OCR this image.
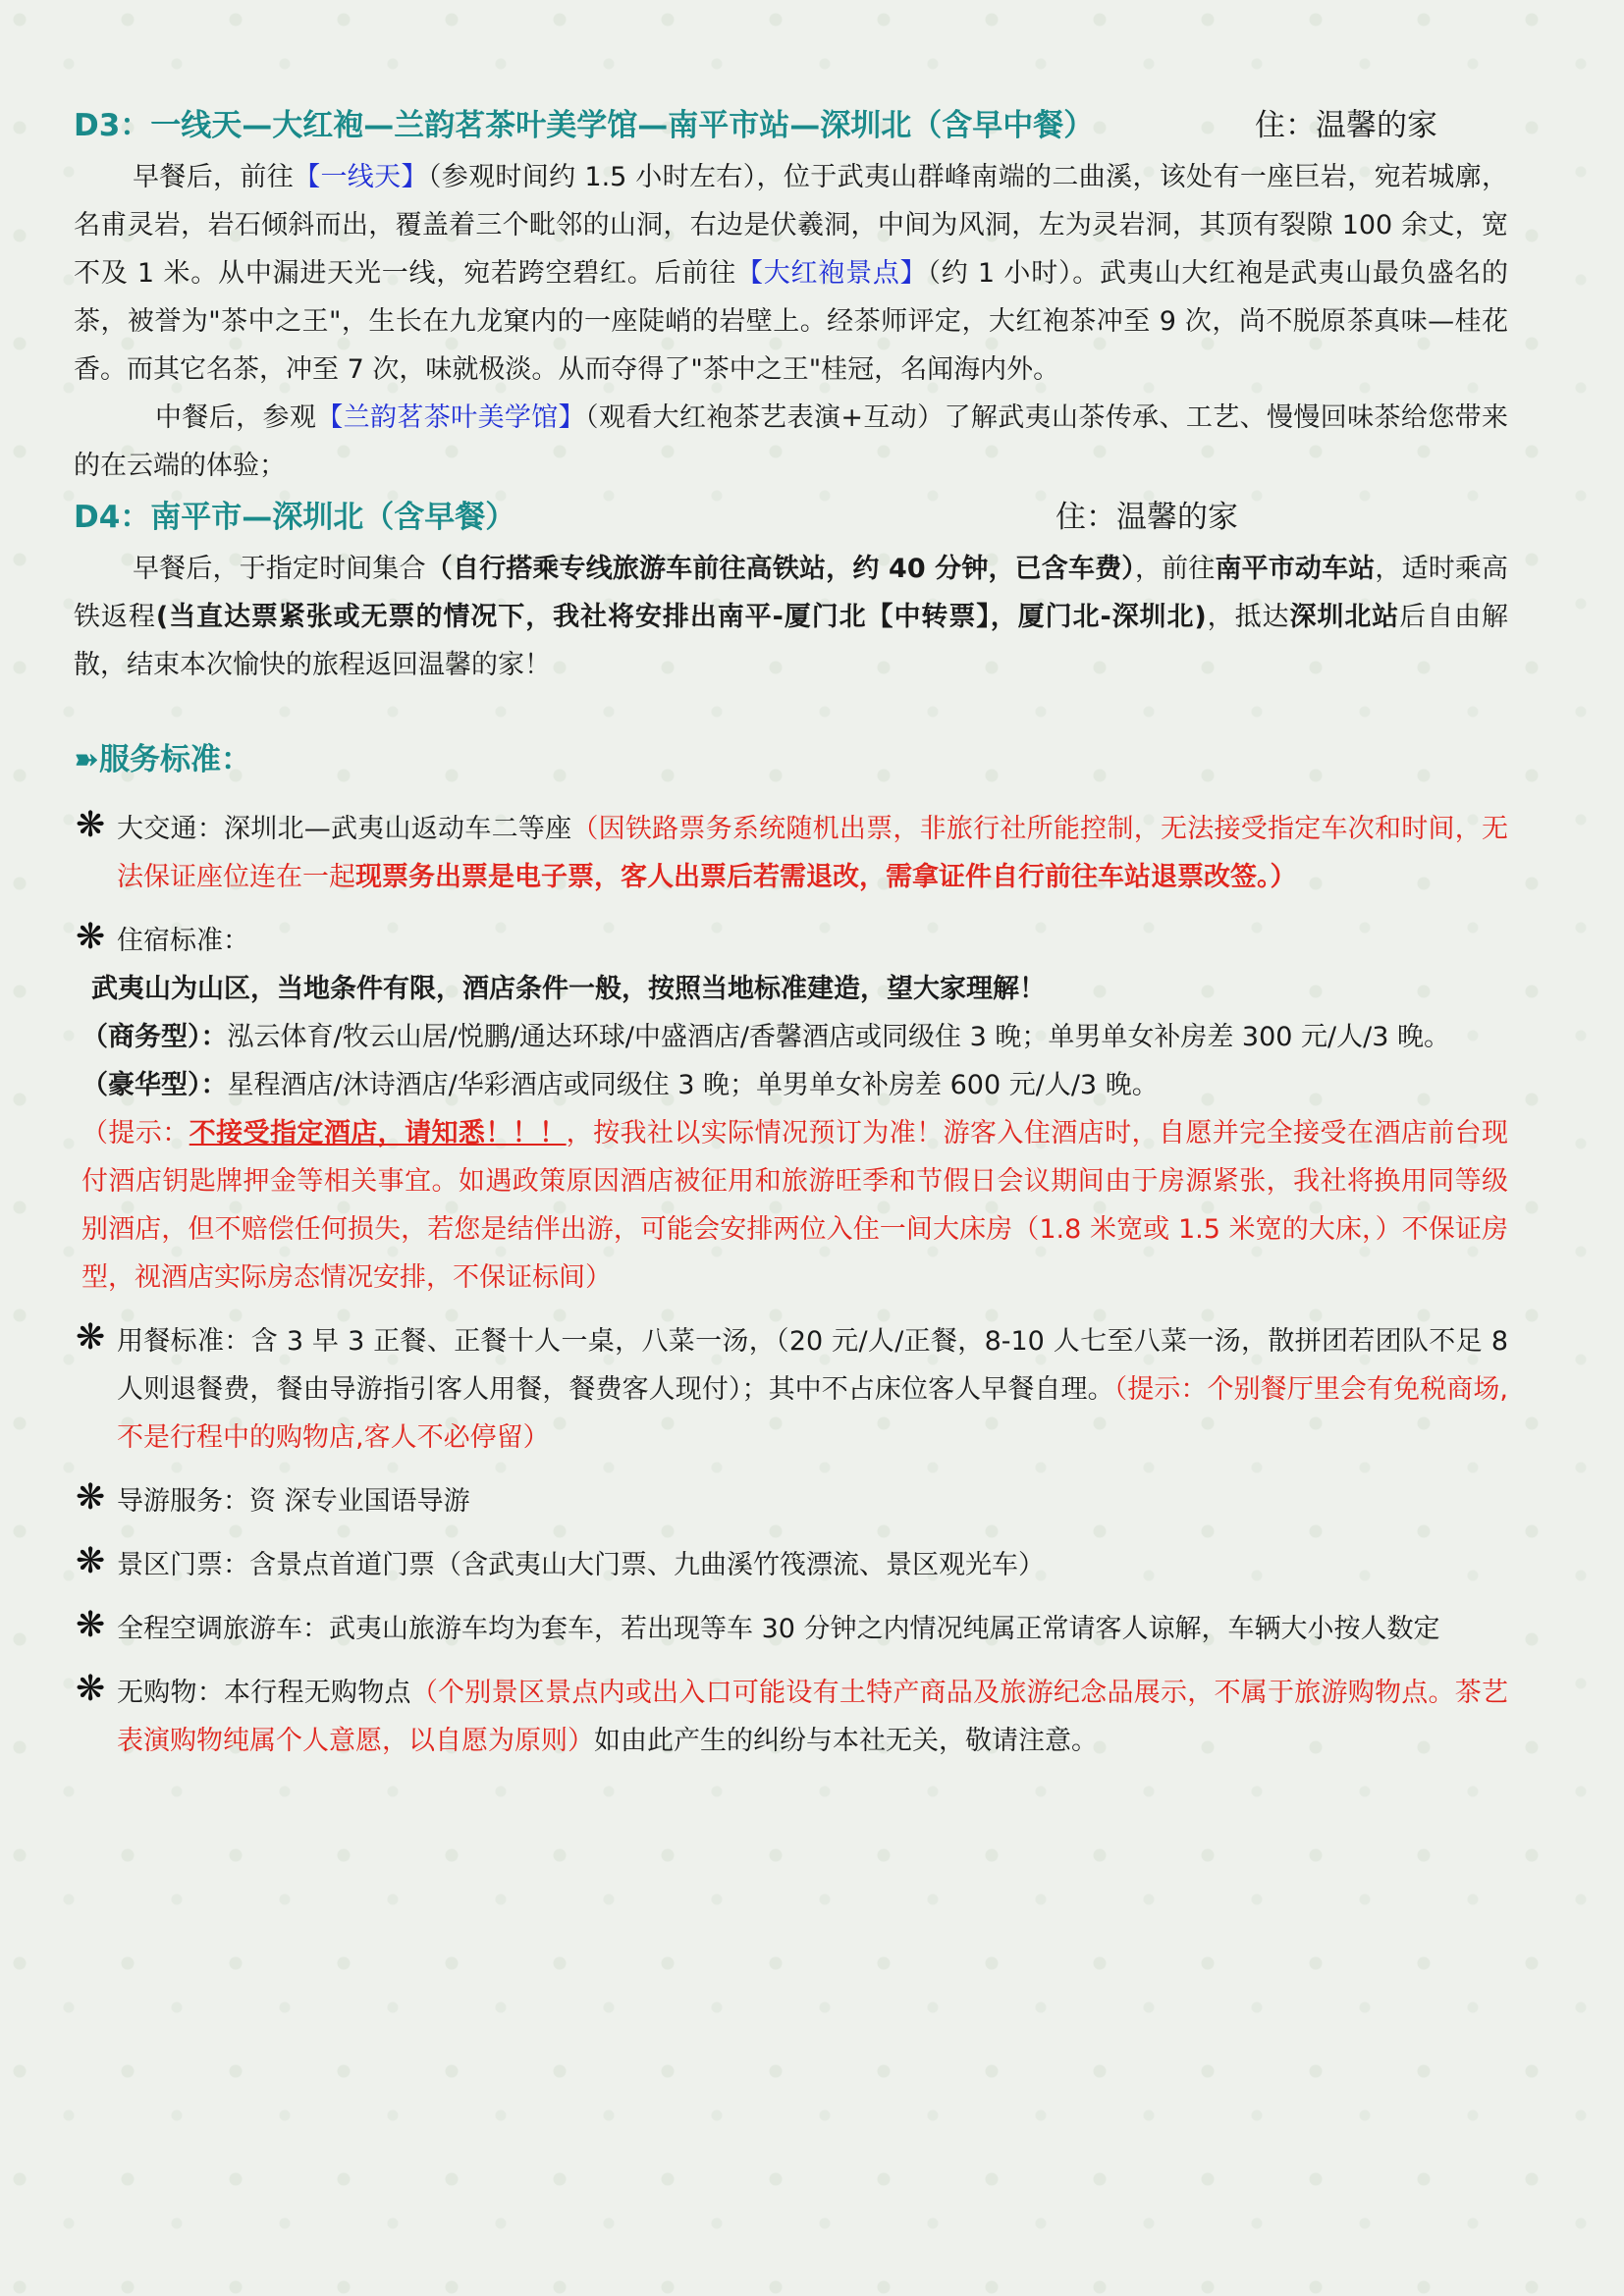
D3：一线天—大红袍—兰韵茗茶叶美学馆—南平市站—深圳北（含早中餐）	住：温馨的家

早餐后，前往【一线天】（参观时间约 1.5 小时左右），位于武夷山群峰南端的二曲溪，该处有一座巨岩，宛若城廓，名甫灵岩，岩石倾斜而出，覆盖着三个毗邻的山洞，右边是伏羲洞，中间为风洞，左为灵岩洞，其顶有裂隙 100 余丈，宽不及 1 米。从中漏进天光一线，宛若跨空碧红。后前往【大红袍景点】（约 1 小时）。武夷山大红袍是武夷山最负盛名的茶，被誉为"茶中之王"，生长在九龙窠内的一座陡峭的岩壁上。经茶师评定，大红袍茶冲至 9 次，尚不脱原茶真味—桂花香。而其它名茶，冲至 7 次，味就极淡。从而夺得了"茶中之王"桂冠，名闻海内外。

中餐后，参观【兰韵茗茶叶美学馆】（观看大红袍茶艺表演+互动）了解武夷山茶传承、工艺、慢慢回味茶给您带来的在云端的体验；

D4：南平市—深圳北（含早餐）	住：温馨的家

早餐后，于指定时间集合（自行搭乘专线旅游车前往高铁站，约 40 分钟，已含车费），前往南平市动车站，适时乘高铁返程(当直达票紧张或无票的情况下，我社将安排出南平-厦门北【中转票】，厦门北-深圳北)，抵达深圳北站后自由解散，结束本次愉快的旅程返回温馨的家！

➽服务标准：
❋ 大交通：深圳北—武夷山返动车二等座（因铁路票务系统随机出票，非旅行社所能控制，无法接受指定车次和时间，无法保证座位连在一起现票务出票是电子票，客人出票后若需退改，需拿证件自行前往车站退票改签。）
❋ 住宿标准：
武夷山为山区，当地条件有限，酒店条件一般，按照当地标准建造，望大家理解！
（商务型）：泓云体育/牧云山居/悦鹏/通达环球/中盛酒店/香馨酒店或同级住 3 晚；单男单女补房差 300 元/人/3 晚。
（豪华型）：星程酒店/沐诗酒店/华彩酒店或同级住 3 晚；单男单女补房差 600 元/人/3 晚。
（提示：不接受指定酒店，请知悉！！！，按我社以实际情况预订为准！游客入住酒店时，自愿并完全接受在酒店前台现付酒店钥匙牌押金等相关事宜。如遇政策原因酒店被征用和旅游旺季和节假日会议期间由于房源紧张，我社将换用同等级别酒店，但不赔偿任何损失，若您是结伴出游，可能会安排两位入住一间大床房（1.8 米宽或 1.5 米宽的大床，）不保证房型，视酒店实际房态情况安排，不保证标间）
❋ 用餐标准：含 3 早 3 正餐、正餐十人一桌，八菜一汤，（20 元/人/正餐，8-10 人七至八菜一汤，散拼团若团队不足 8 人则退餐费，餐由导游指引客人用餐，餐费客人现付）；其中不占床位客人早餐自理。（提示：个别餐厅里会有免税商场,不是行程中的购物店,客人不必停留）
❋ 导游服务：资 深专业国语导游
❋ 景区门票：含景点首道门票（含武夷山大门票、九曲溪竹筏漂流、景区观光车）
❋ 全程空调旅游车：武夷山旅游车均为套车，若出现等车 30 分钟之内情况纯属正常请客人谅解，车辆大小按人数定
❋ 无购物：本行程无购物点（个别景区景点内或出入口可能设有土特产商品及旅游纪念品展示，不属于旅游购物点。茶艺表演购物纯属个人意愿，以自愿为原则）如由此产生的纠纷与本社无关，敬请注意。
